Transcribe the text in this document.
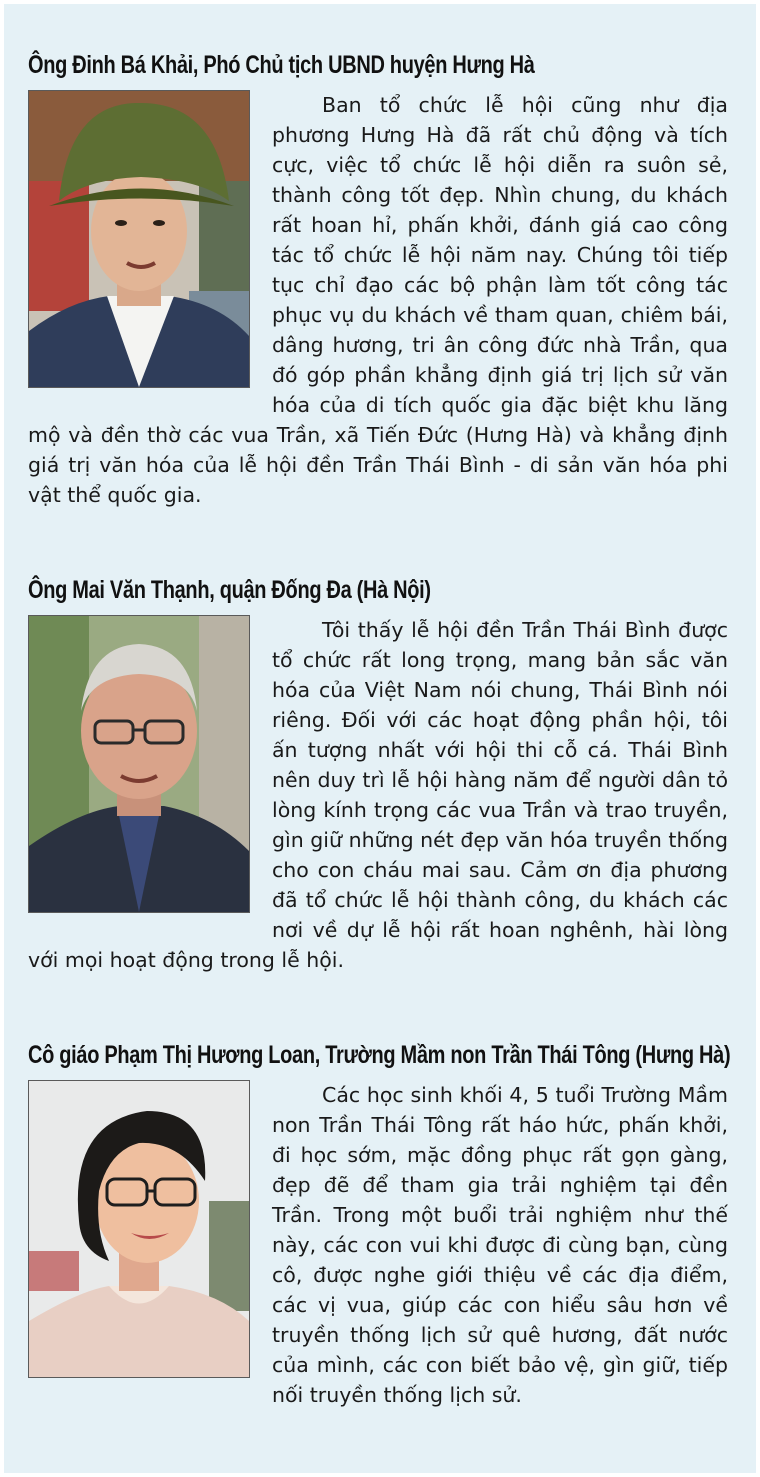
Ông Đinh Bá Khải, Phó Chủ tịch UBND huyện Hưng Hà
Ban tổ chức lễ hội cũng như địa phương Hưng Hà đã rất chủ động và tích cực, việc tổ chức lễ hội diễn ra suôn sẻ, thành công tốt đẹp. Nhìn chung, du khách rất hoan hỉ, phấn khởi, đánh giá cao công tác tổ chức lễ hội năm nay. Chúng tôi tiếp tục chỉ đạo các bộ phận làm tốt công tác phục vụ du khách về tham quan, chiêm bái, dâng hương, tri ân công đức nhà Trần, qua đó góp phần khẳng định giá trị lịch sử văn hóa của di tích quốc gia đặc biệt khu lăng mộ và đền thờ các vua Trần, xã Tiến Đức (Hưng Hà) và khẳng định giá trị văn hóa của lễ hội đền Trần Thái Bình - di sản văn hóa phi vật thể quốc gia.
Ông Mai Văn Thạnh, quận Đống Đa (Hà Nội)
Tôi thấy lễ hội đền Trần Thái Bình được tổ chức rất long trọng, mang bản sắc văn hóa của Việt Nam nói chung, Thái Bình nói riêng. Đối với các hoạt động phần hội, tôi ấn tượng nhất với hội thi cỗ cá. Thái Bình nên duy trì lễ hội hàng năm để người dân tỏ lòng kính trọng các vua Trần và trao truyền, gìn giữ những nét đẹp văn hóa truyền thống cho con cháu mai sau. Cảm ơn địa phương đã tổ chức lễ hội thành công, du khách các nơi về dự lễ hội rất hoan nghênh, hài lòng với mọi hoạt động trong lễ hội.
Cô giáo Phạm Thị Hương Loan, Trường Mầm non Trần Thái Tông (Hưng Hà)
Các học sinh khối 4, 5 tuổi Trường Mầm non Trần Thái Tông rất háo hức, phấn khởi, đi học sớm, mặc đồng phục rất gọn gàng, đẹp đẽ để tham gia trải nghiệm tại đền Trần. Trong một buổi trải nghiệm như thế này, các con vui khi được đi cùng bạn, cùng cô, được nghe giới thiệu về các địa điểm, các vị vua, giúp các con hiểu sâu hơn về truyền thống lịch sử quê hương, đất nước của mình, các con biết bảo vệ, gìn giữ, tiếp nối truyền thống lịch sử.
